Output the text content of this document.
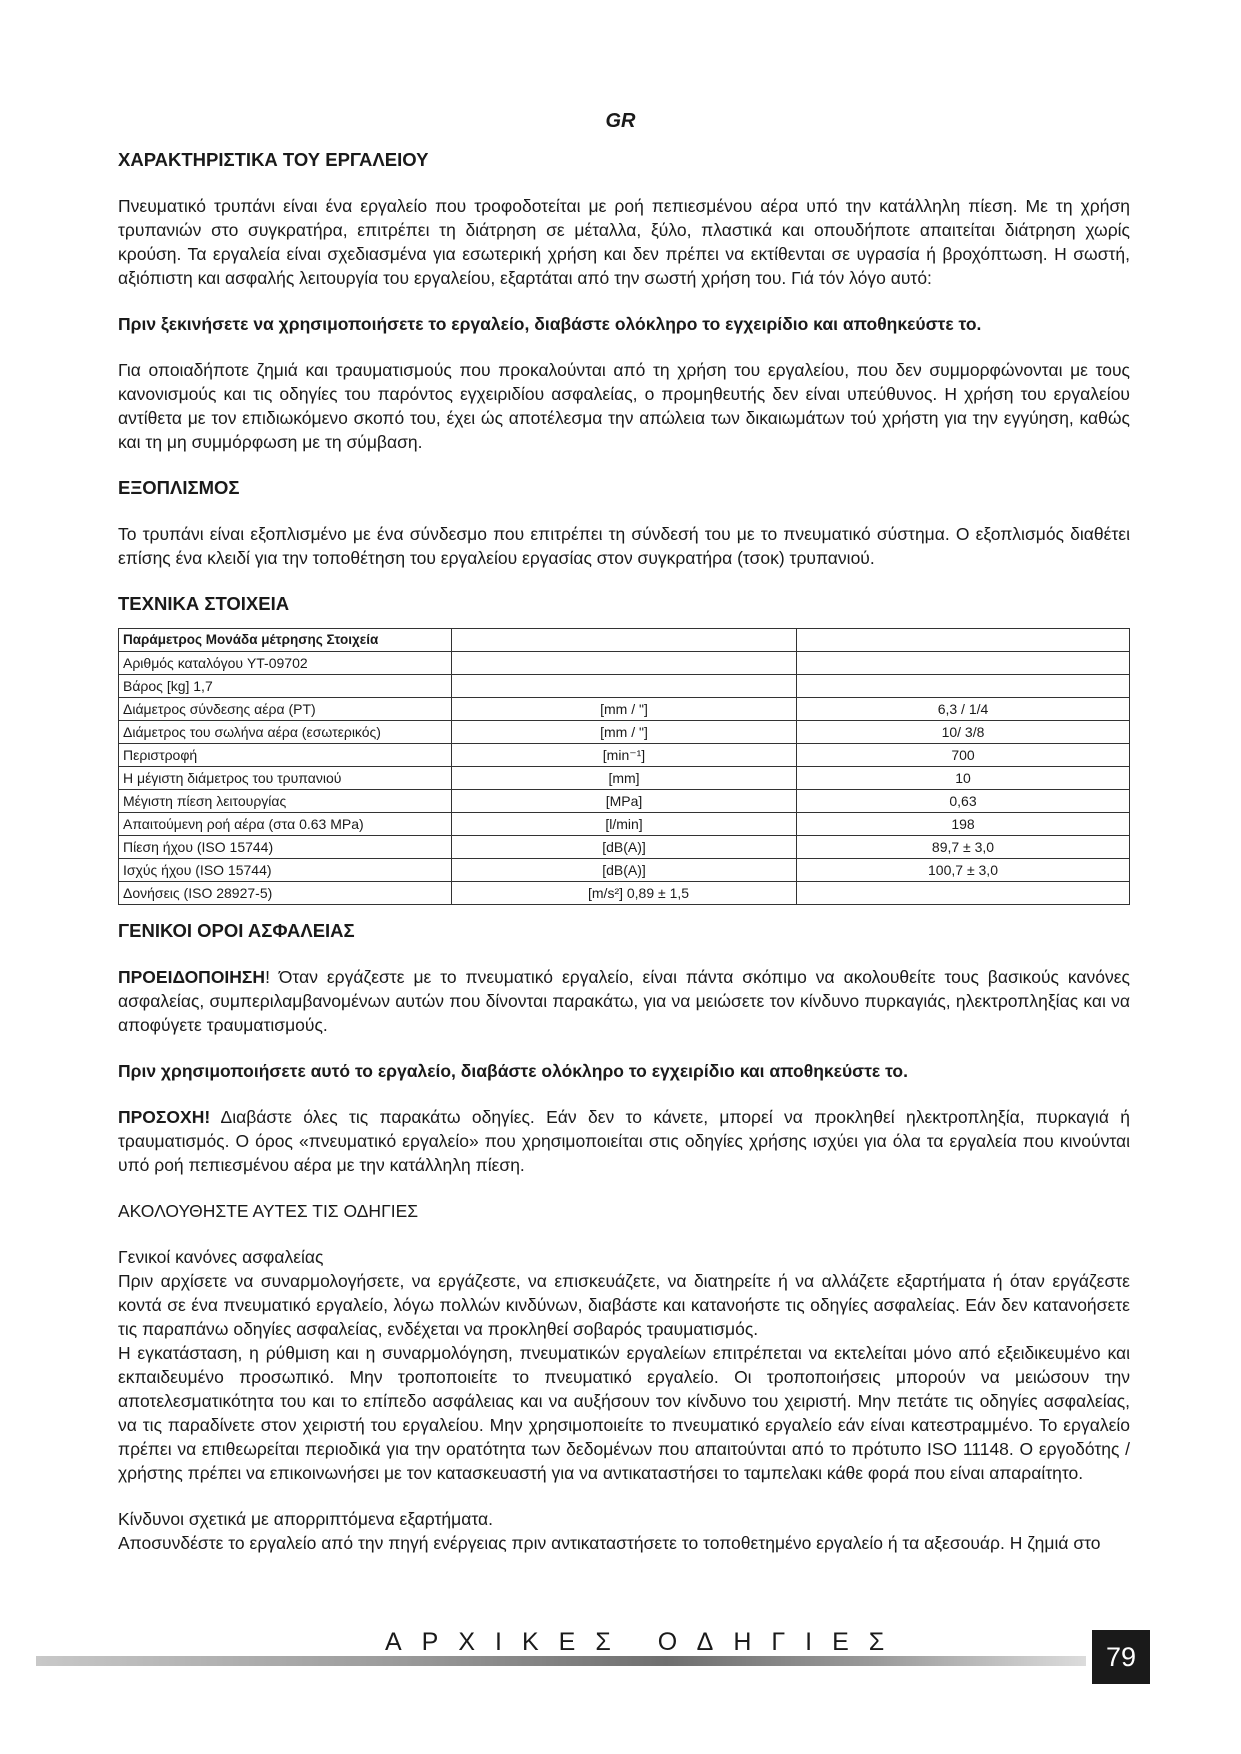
GR
ΧΑΡΑΚΤΗΡΙΣΤΙΚΑ ΤΟΥ ΕΡΓΑΛΕΙΟΥ

Πνευματικό τρυπάνι είναι ένα εργαλείο που τροφοδοτείται με ροή πεπιεσμένου αέρα υπό την κατάλληλη πίεση. Με τη χρήση τρυπανιών στο συγκρατήρα, επιτρέπει τη διάτρηση σε μέταλλα, ξύλο, πλαστικά και οπουδήποτε απαιτείται διάτρηση χωρίς κρούση. Τα εργαλεία είναι σχεδιασμένα για εσωτερική χρήση και δεν πρέπει να εκτίθενται σε υγρασία ή βροχόπτωση. Η σωστή, αξιόπιστη και ασφαλής λειτουργία του εργαλείου, εξαρτάται από την σωστή χρήση του. Γιά τόν λόγο αυτό:

Πριν ξεκινήσετε να χρησιμοποιήσετε το εργαλείο, διαβάστε ολόκληρο το εγχειρίδιο και αποθηκεύστε το.

Για οποιαδήποτε ζημιά και τραυματισμούς που προκαλούνται από τη χρήση του εργαλείου, που δεν συμμορφώνονται με τους κανονισμούς και τις οδηγίες του παρόντος εγχειριδίου ασφαλείας, ο προμηθευτής δεν είναι υπεύθυνος. Η χρήση του εργαλείου αντίθετα με τον επιδιωκόμενο σκοπό του, έχει ώς αποτέλεσμα την απώλεια των δικαιωμάτων τού χρήστη για την εγγύηση, καθώς και τη μη συμμόρφωση με τη σύμβαση.

ΕΞΟΠΛΙΣΜΟΣ

Το τρυπάνι είναι εξοπλισμένο με ένα σύνδεσμο που επιτρέπει τη σύνδεσή του με το πνευματικό σύστημα. Ο εξοπλισμός διαθέτει επίσης ένα κλειδί για την τοποθέτηση του εργαλείου εργασίας στον συγκρατήρα (τσοκ) τρυπανιού.

ΤΕΧΝΙΚΑ ΣΤΟΙΧΕΙΑ
Παράμετρος Μονάδα μέτρησης Στοιχεία		
Αριθμός καταλόγου YT-09702		
Βάρος [kg] 1,7		
Διάμετρος σύνδεσης αέρα (PT)	[mm / "]	6,3 / 1/4
Διάμετρος του σωλήνα αέρα (εσωτερικός)	[mm / "]	10/ 3/8
Περιστροφή	[min⁻¹]	700
Η μέγιστη διάμετρος του τρυπανιού	[mm]	10
Μέγιστη πίεση λειτουργίας	[MPa]	0,63
Απαιτούμενη ροή αέρα (στα 0.63 MPa)	[l/min]	198
Πίεση ήχου (ISO 15744)	[dB(A)]	89,7 ± 3,0
Ισχύς ήχου (ISO 15744)	[dB(A)]	100,7 ± 3,0
Δονήσεις (ISO 28927-5)	[m/s²] 0,89 ± 1,5	
ΓΕΝΙΚΟΙ ΟΡΟΙ ΑΣΦΑΛΕΙΑΣ

ΠΡΟΕΙΔΟΠΟΙΗΣΗ! Όταν εργάζεστε με το πνευματικό εργαλείο, είναι πάντα σκόπιμο να ακολουθείτε τους βασικούς κανόνες ασφαλείας, συμπεριλαμβανομένων αυτών που δίνονται παρακάτω, για να μειώσετε τον κίνδυνο πυρκαγιάς, ηλεκτροπληξίας και να αποφύγετε τραυματισμούς.

Πριν χρησιμοποιήσετε αυτό το εργαλείο, διαβάστε ολόκληρο το εγχειρίδιο και αποθηκεύστε το.

ΠΡΟΣΟΧΗ! Διαβάστε όλες τις παρακάτω οδηγίες. Εάν δεν το κάνετε, μπορεί να προκληθεί ηλεκτροπληξία, πυρκαγιά ή τραυματισμός. Ο όρος «πνευματικό εργαλείο» που χρησιμοποιείται στις οδηγίες χρήσης ισχύει για όλα τα εργαλεία που κινούνται υπό ροή πεπιεσμένου αέρα με την κατάλληλη πίεση.

ΑΚΟΛΟΥΘΗΣΤΕ ΑΥΤΕΣ ΤΙΣ ΟΔΗΓΙΕΣ

Γενικοί κανόνες ασφαλείας

Πριν αρχίσετε να συναρμολογήσετε, να εργάζεστε, να επισκευάζετε, να διατηρείτε ή να αλλάζετε εξαρτήματα ή όταν εργάζεστε κοντά σε ένα πνευματικό εργαλείο, λόγω πολλών κινδύνων, διαβάστε και κατανοήστε τις οδηγίες ασφαλείας. Εάν δεν κατανοήσετε τις παραπάνω οδηγίες ασφαλείας, ενδέχεται να προκληθεί σοβαρός τραυματισμός.

Η εγκατάσταση, η ρύθμιση και η συναρμολόγηση, πνευματικών εργαλείων επιτρέπεται να εκτελείται μόνο από εξειδικευμένο και εκπαιδευμένο προσωπικό. Μην τροποποιείτε το πνευματικό εργαλείο. Οι τροποποιήσεις μπορούν να μειώσουν την αποτελεσματικότητα του και το επίπεδο ασφάλειας και να αυξήσουν τον κίνδυνο του χειριστή. Μην πετάτε τις οδηγίες ασφαλείας, να τις παραδίνετε στον χειριστή του εργαλείου. Μην χρησιμοποιείτε το πνευματικό εργαλείο εάν είναι κατεστραμμένο. Το εργαλείο πρέπει να επιθεωρείται περιοδικά για την ορατότητα των δεδομένων που απαιτούνται από το πρότυπο ISO 11148. Ο εργοδότης / χρήστης πρέπει να επικοινωνήσει με τον κατασκευαστή για να αντικαταστήσει το ταμπελακι κάθε φορά που είναι απαραίτητο.

Κίνδυνοι σχετικά με απορριπτόμενα εξαρτήματα.

Αποσυνδέστε το εργαλείο από την πηγή ενέργειας πριν αντικαταστήσετε το τοποθετημένο εργαλείο ή τα αξεσουάρ. Η ζημιά στο

ΑΡΧΙΚΕΣ ΟΔΗΓΙΕΣ	79
